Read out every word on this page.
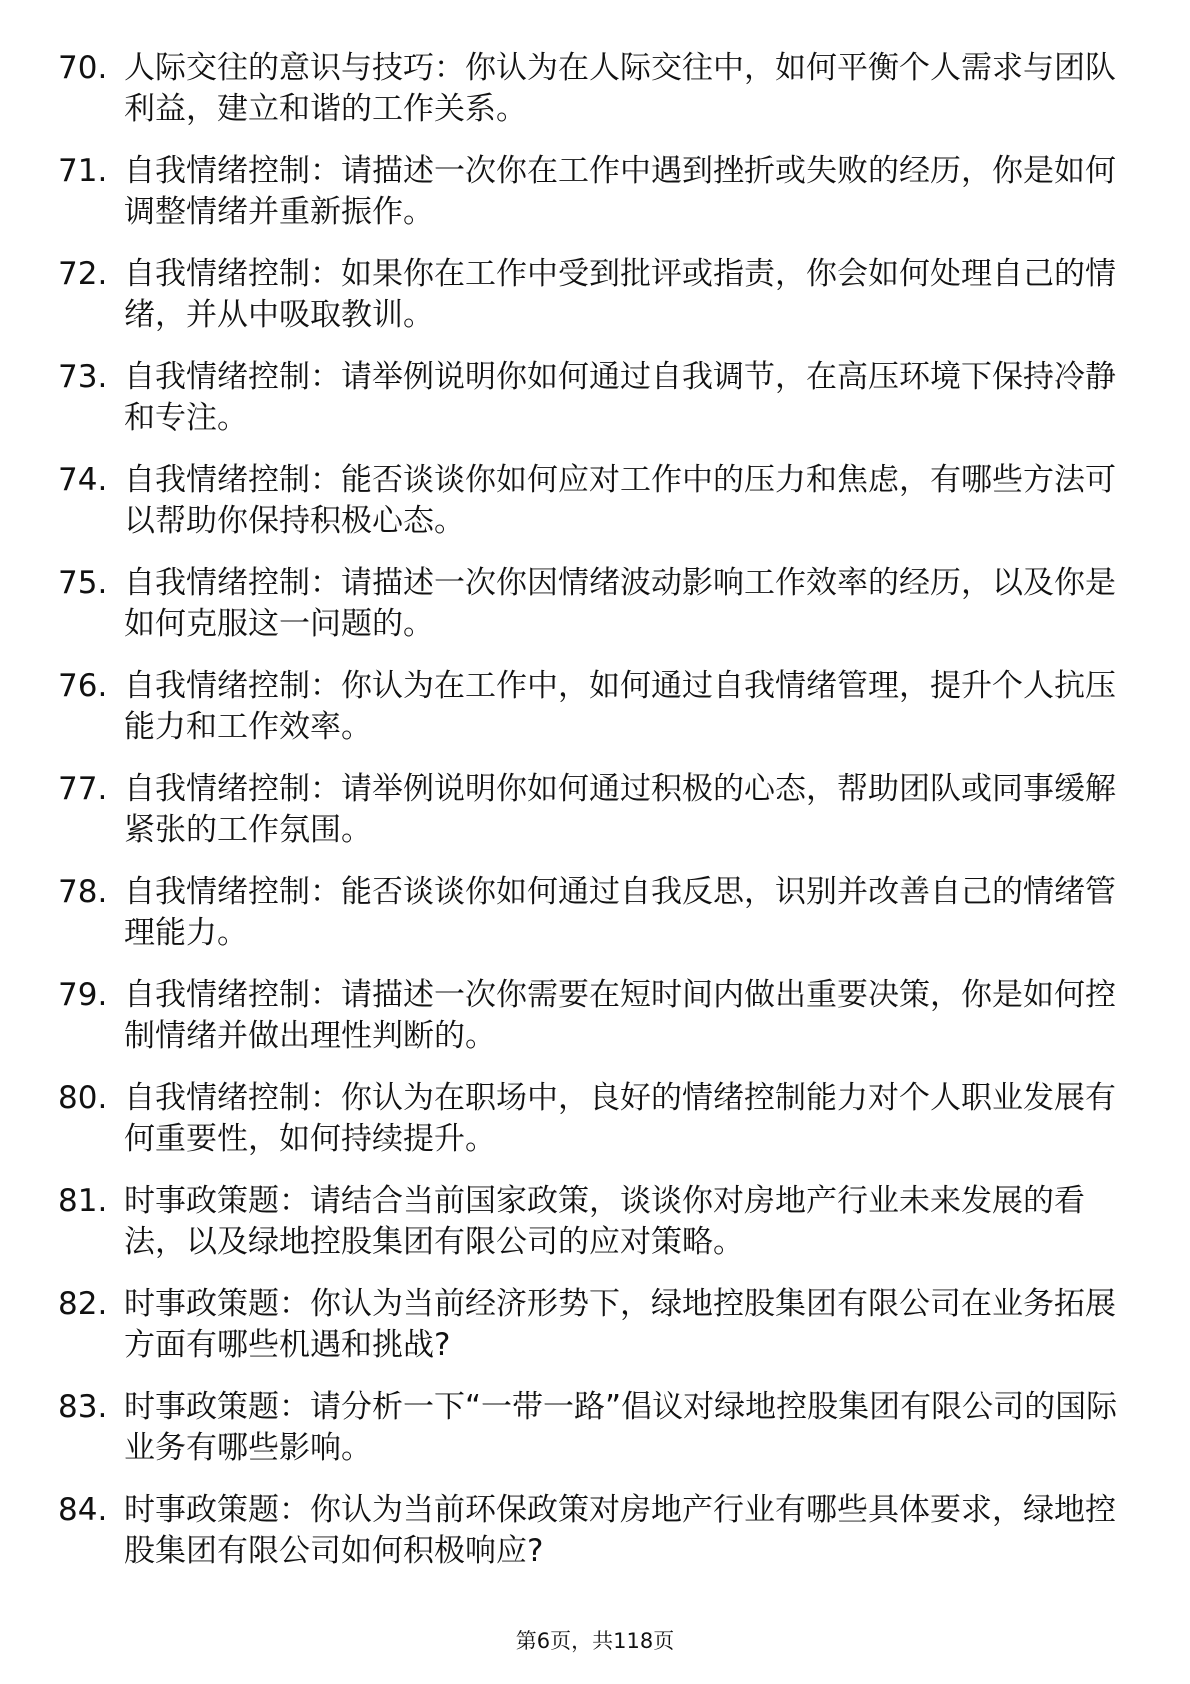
70. 人际交往的意识与技巧：你认为在人际交往中，如何平衡个人需求与团队利益，建立和谐的工作关系。
71. 自我情绪控制：请描述一次你在工作中遇到挫折或失败的经历，你是如何调整情绪并重新振作。
72. 自我情绪控制：如果你在工作中受到批评或指责，你会如何处理自己的情绪，并从中吸取教训。
73. 自我情绪控制：请举例说明你如何通过自我调节，在高压环境下保持冷静和专注。
74. 自我情绪控制：能否谈谈你如何应对工作中的压力和焦虑，有哪些方法可以帮助你保持积极心态。
75. 自我情绪控制：请描述一次你因情绪波动影响工作效率的经历，以及你是如何克服这一问题的。
76. 自我情绪控制：你认为在工作中，如何通过自我情绪管理，提升个人抗压能力和工作效率。
77. 自我情绪控制：请举例说明你如何通过积极的心态，帮助团队或同事缓解紧张的工作氛围。
78. 自我情绪控制：能否谈谈你如何通过自我反思，识别并改善自己的情绪管理能力。
79. 自我情绪控制：请描述一次你需要在短时间内做出重要决策，你是如何控制情绪并做出理性判断的。
80. 自我情绪控制：你认为在职场中，良好的情绪控制能力对个人职业发展有何重要性，如何持续提升。
81. 时事政策题：请结合当前国家政策，谈谈你对房地产行业未来发展的看法，以及绿地控股集团有限公司的应对策略。
82. 时事政策题：你认为当前经济形势下，绿地控股集团有限公司在业务拓展方面有哪些机遇和挑战?
83. 时事政策题：请分析一下“一带一路”倡议对绿地控股集团有限公司的国际业务有哪些影响。
84. 时事政策题：你认为当前环保政策对房地产行业有哪些具体要求，绿地控股集团有限公司如何积极响应?
第6页，共118页
